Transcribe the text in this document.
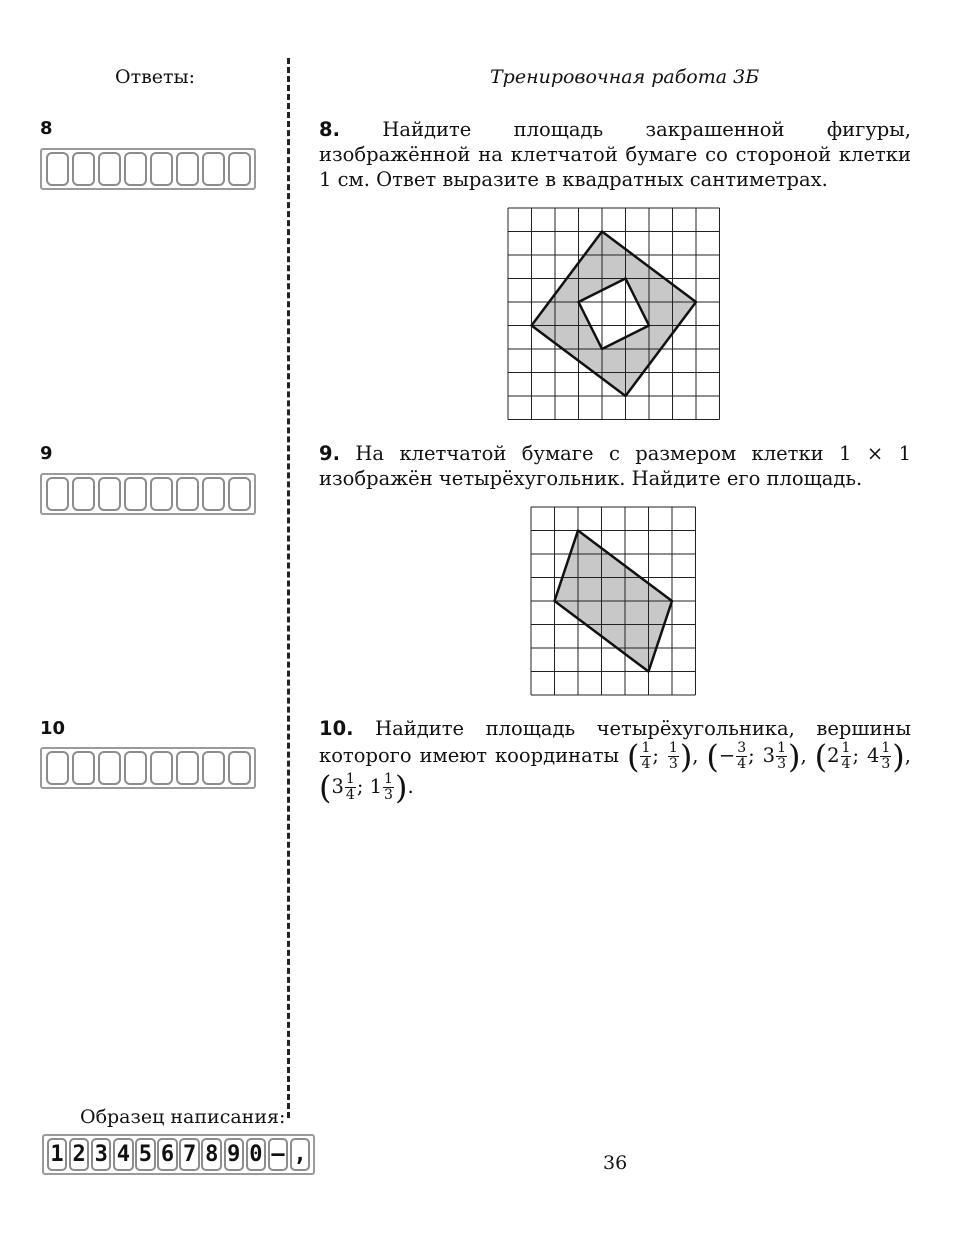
Ответы:	Тренировочная работа 3Б
8
9
10
8. Найдите площадь закрашенной фигуры, изображённой на клетчатой бумаге со стороной клетки 1 см. Ответ выразите в квадратных сантиметрах.
9. На клетчатой бумаге с размером клетки 1 × 1 изображён четырёхугольник. Найдите его площадь.
10. Найдите площадь четырёхугольника, вершины которого имеют координаты ( $\frac{1}{4}$ ; $\frac{1}{3}$ ), (− $\frac{3}{4}$ ; $3 \frac{1}{3}$ ), ($2 \frac{1}{4}$ ; $4 \frac{1}{3}$ ), ($3 \frac{1}{4}$ ; $1 \frac{1}{3}$ ).
Образец написания:
1 2 3 4 5 6 7 8 9 0 – ,	36
